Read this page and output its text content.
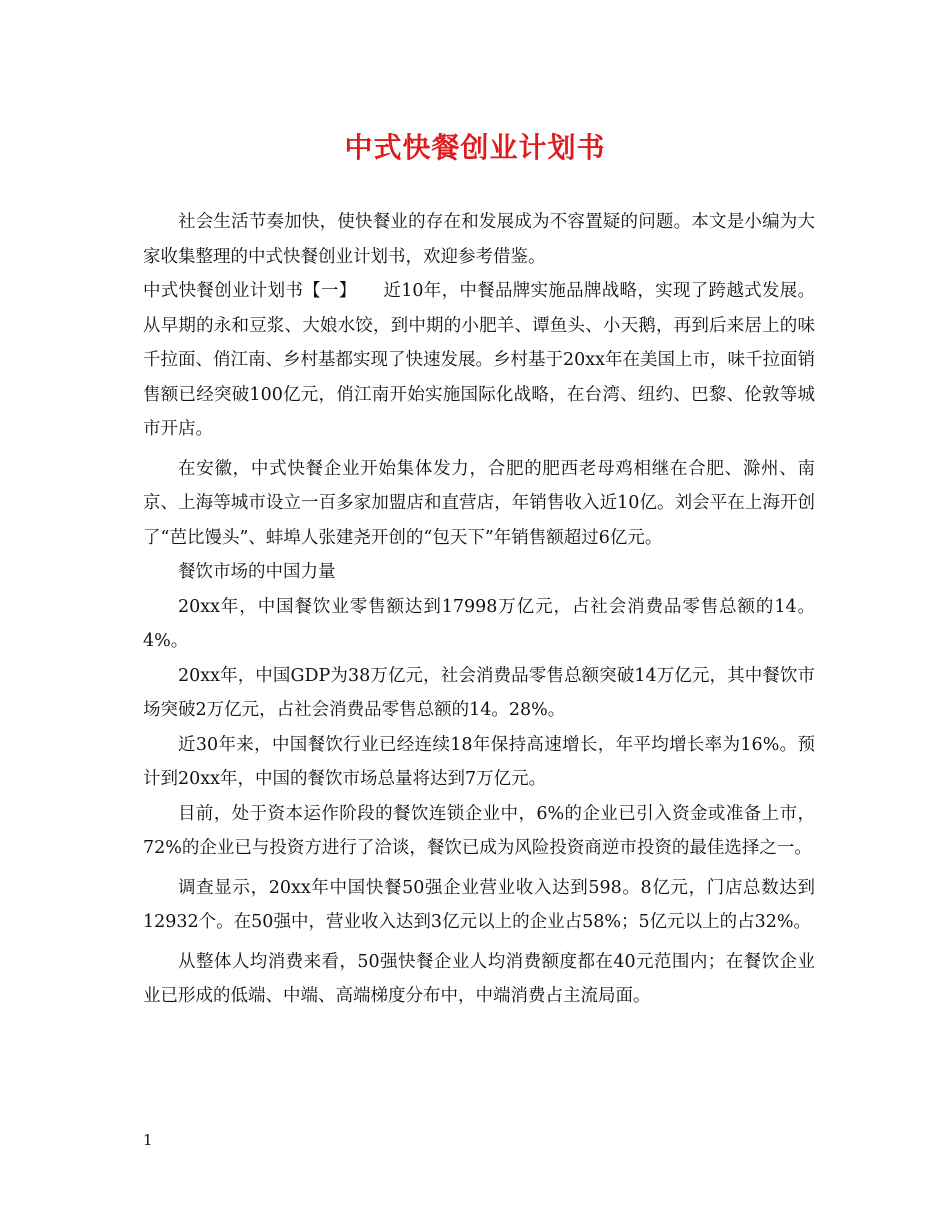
中式快餐创业计划书

社会生活节奏加快，使快餐业的存在和发展成为不容置疑的问题。本文是小编为大家收集整理的中式快餐创业计划书，欢迎参考借鉴。

中式快餐创业计划书【一】　　近10年，中餐品牌实施品牌战略，实现了跨越式发展。从早期的永和豆浆、大娘水饺，到中期的小肥羊、谭鱼头、小天鹅，再到后来居上的味千拉面、俏江南、乡村基都实现了快速发展。乡村基于20xx年在美国上市，味千拉面销售额已经突破100亿元，俏江南开始实施国际化战略，在台湾、纽约、巴黎、伦敦等城市开店。

在安徽，中式快餐企业开始集体发力，合肥的肥西老母鸡相继在合肥、滁州、南京、上海等城市设立一百多家加盟店和直营店，年销售收入近10亿。刘会平在上海开创了“芭比馒头”、蚌埠人张建尧开创的“包天下”年销售额超过6亿元。

餐饮市场的中国力量

20xx年，中国餐饮业零售额达到17998万亿元，占社会消费品零售总额的14。4%。

20xx年，中国GDP为38万亿元，社会消费品零售总额突破14万亿元，其中餐饮市场突破2万亿元，占社会消费品零售总额的14。28%。

近30年来，中国餐饮行业已经连续18年保持高速增长，年平均增长率为16%。预计到20xx年，中国的餐饮市场总量将达到7万亿元。

目前，处于资本运作阶段的餐饮连锁企业中，6%的企业已引入资金或准备上市，72%的企业已与投资方进行了洽谈，餐饮已成为风险投资商逆市投资的最佳选择之一。

调查显示，20xx年中国快餐50强企业营业收入达到598。8亿元，门店总数达到12932个。在50强中，营业收入达到3亿元以上的企业占58%；5亿元以上的占32%。

从整体人均消费来看，50强快餐企业人均消费额度都在40元范围内；在餐饮企业业已形成的低端、中端、高端梯度分布中，中端消费占主流局面。

1
